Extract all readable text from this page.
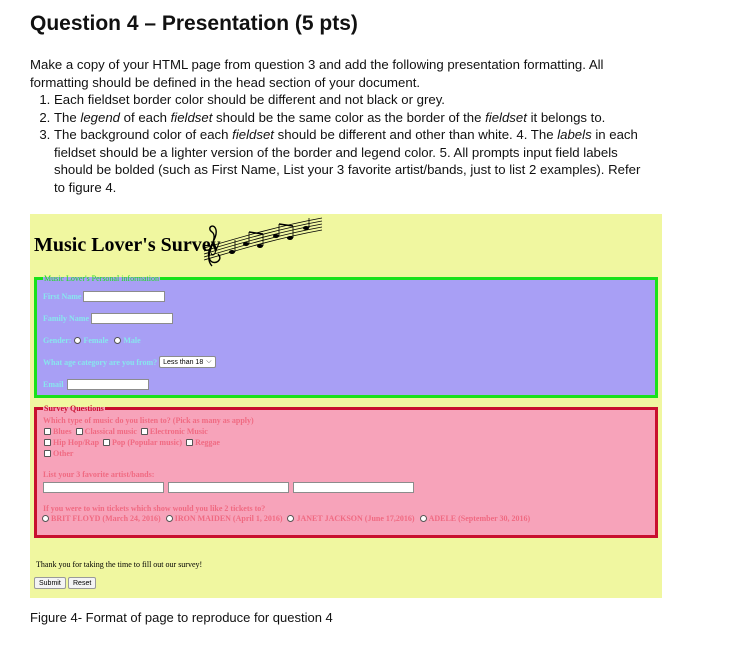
Question 4 – Presentation (5 pts)

Make a copy of your HTML page from question 3 and add the following presentation formatting. All formatting should be defined in the head section of your document.

1. Each fieldset border color should be different and not black or grey.
2. The legend of each fieldset should be the same color as the border of the fieldset it belongs to.
3. The background color of each fieldset should be different and other than white. 4. The labels in each fieldset should be a lighter version of the border and legend color. 5. All prompts input field labels should be bolded (such as First Name, List your 3 favorite artist/bands, just to list 2 examples). Refer to figure 4.
Music Lover's Survey
Music Lover's Personal information
First Name
Family Name
Gender: Female Male
What age category are you from? Less than 18 ⌵
Email
Survey Questions
Which type of music do you listen to? (Pick as many as apply)
Blues Classical music Electronic Music
Hip Hop/Rap Pop (Popular music) Reggae
Other
List your 3 favorite artist/bands:
If you were to win tickets which show would you like 2 tickets to?
BRIT FLOYD (March 24, 2016) IRON MAIDEN (April 1, 2016) JANET JACKSON (June 17,2016) ADELE (September 30, 2016)
Thank you for taking the time to fill out our survey!
Submit	Reset
Figure 4- Format of page to reproduce for question 4
